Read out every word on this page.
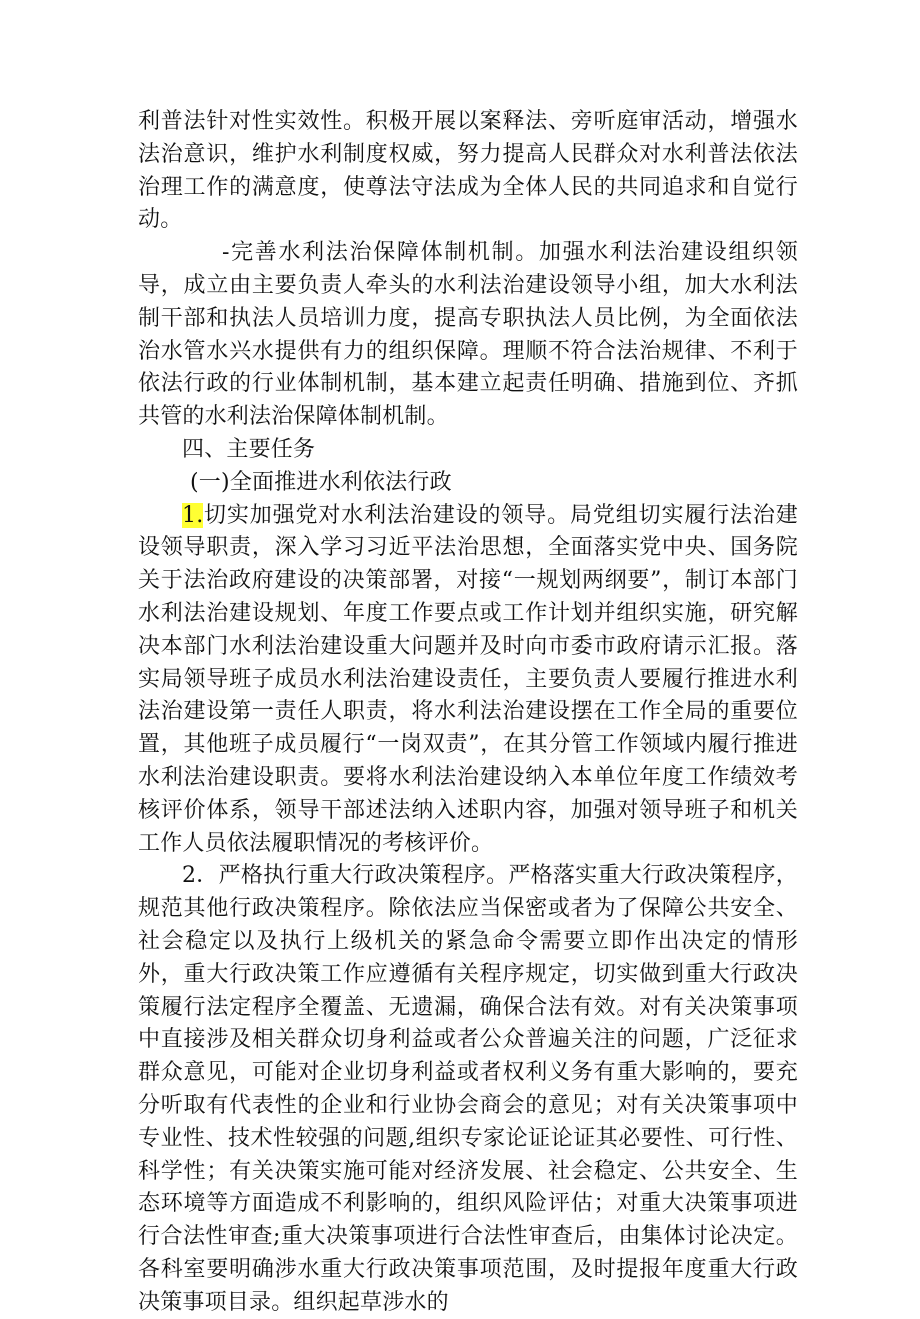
利普法针对性实效性。积极开展以案释法、旁听庭审活动，增强水法治意识，维护水利制度权威，努力提高人民群众对水利普法依法治理工作的满意度，使尊法守法成为全体人民的共同追求和自觉行动。

-完善水利法治保障体制机制。加强水利法治建设组织领导，成立由主要负责人牵头的水利法治建设领导小组，加大水利法制干部和执法人员培训力度，提高专职执法人员比例，为全面依法治水管水兴水提供有力的组织保障。理顺不符合法治规律、不利于依法行政的行业体制机制，基本建立起责任明确、措施到位、齐抓共管的水利法治保障体制机制。

四、主要任务

(一)全面推进水利依法行政

1.切实加强党对水利法治建设的领导。局党组切实履行法治建设领导职责，深入学习习近平法治思想，全面落实党中央、国务院关于法治政府建设的决策部署，对接“一规划两纲要”，制订本部门水利法治建设规划、年度工作要点或工作计划并组织实施，研究解决本部门水利法治建设重大问题并及时向市委市政府请示汇报。落实局领导班子成员水利法治建设责任，主要负责人要履行推进水利法治建设第一责任人职责，将水利法治建设摆在工作全局的重要位置，其他班子成员履行“一岗双责”，在其分管工作领域内履行推进水利法治建设职责。要将水利法治建设纳入本单位年度工作绩效考核评价体系，领导干部述法纳入述职内容，加强对领导班子和机关工作人员依法履职情况的考核评价。

2．严格执行重大行政决策程序。严格落实重大行政决策程序，规范其他行政决策程序。除依法应当保密或者为了保障公共安全、社会稳定以及执行上级机关的紧急命令需要立即作出决定的情形外，重大行政决策工作应遵循有关程序规定，切实做到重大行政决策履行法定程序全覆盖、无遗漏，确保合法有效。对有关决策事项中直接涉及相关群众切身利益或者公众普遍关注的问题，广泛征求群众意见，可能对企业切身利益或者权利义务有重大影响的，要充分听取有代表性的企业和行业协会商会的意见；对有关决策事项中专业性、技术性较强的问题,组织专家论证论证其必要性、可行性、科学性；有关决策实施可能对经济发展、社会稳定、公共安全、生态环境等方面造成不利影响的，组织风险评估；对重大决策事项进行合法性审查;重大决策事项进行合法性审查后，由集体讨论决定。各科室要明确涉水重大行政决策事项范围，及时提报年度重大行政决策事项目录。组织起草涉水的
